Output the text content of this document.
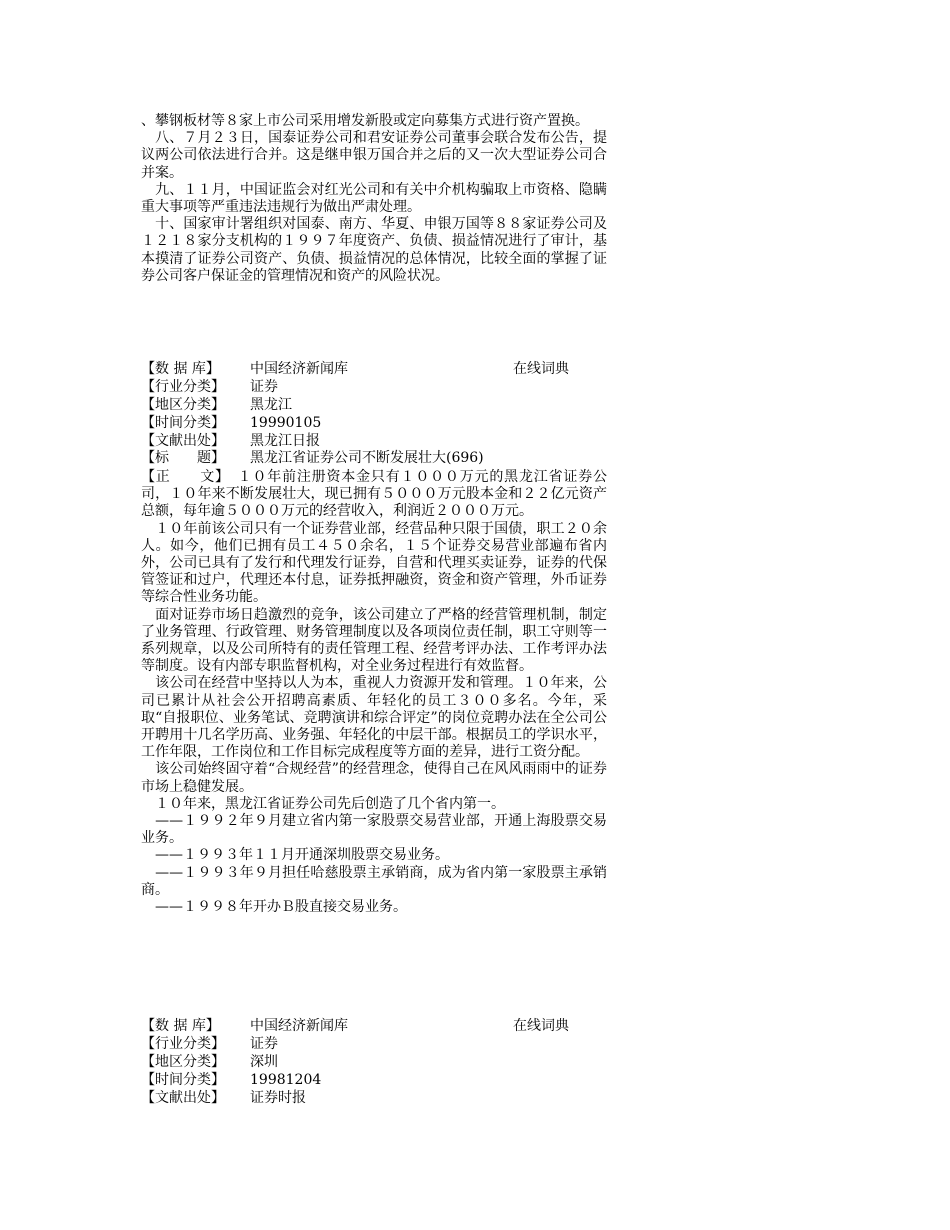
、攀钢板材等８家上市公司采用增发新股或定向募集方式进行资产置换。

　八、７月２３日，国泰证券公司和君安证券公司董事会联合发布公告，提议两公司依法进行合并。这是继申银万国合并之后的又一次大型证券公司合并案。

　九、１１月，中国证监会对红光公司和有关中介机构骗取上市资格、隐瞒重大事项等严重违法违规行为做出严肃处理。

　十、国家审计署组织对国泰、南方、华夏、申银万国等８８家证券公司及１２１８家分支机构的１９９７年度资产、负债、损益情况进行了审计，基本摸清了证券公司资产、负债、损益情况的总体情况，比较全面的掌握了证券公司客户保证金的管理情况和资产的风险状况。

【数 据 库】 中国经济新闻库	在线词典
【行业分类】 证券
【地区分类】 黑龙江
【时间分类】 19990105
【文献出处】 黑龙江日报
【标　　题】 黑龙江省证券公司不断发展壮大(696)

【正　　文】　１０年前注册资本金只有１０００万元的黑龙江省证券公司，１０年来不断发展壮大，现已拥有５０００万元股本金和２２亿元资产总额，每年逾５０００万元的经营收入，利润近２０００万元。

　１０年前该公司只有一个证券营业部，经营品种只限于国债，职工２０余人。如今，他们已拥有员工４５０余名，１５个证券交易营业部遍布省内外，公司已具有了发行和代理发行证券，自营和代理买卖证券，证券的代保管签证和过户，代理还本付息，证券抵押融资，资金和资产管理，外币证券等综合性业务功能。

　面对证券市场日趋激烈的竞争，该公司建立了严格的经营管理机制，制定了业务管理、行政管理、财务管理制度以及各项岗位责任制，职工守则等一系列规章，以及公司所特有的责任管理工程、经营考评办法、工作考评办法等制度。设有内部专职监督机构，对全业务过程进行有效监督。

　该公司在经营中坚持以人为本，重视人力资源开发和管理。１０年来，公司已累计从社会公开招聘高素质、年轻化的员工３００多名。今年，采取“自报职位、业务笔试、竞聘演讲和综合评定”的岗位竞聘办法在全公司公开聘用十几名学历高、业务强、年轻化的中层干部。根据员工的学识水平，工作年限，工作岗位和工作目标完成程度等方面的差异，进行工资分配。

　该公司始终固守着“合规经营”的经营理念，使得自己在风风雨雨中的证券市场上稳健发展。

　１０年来，黑龙江省证券公司先后创造了几个省内第一。

　——１９９２年９月建立省内第一家股票交易营业部，开通上海股票交易业务。

　——１９９３年１１月开通深圳股票交易业务。

　——１９９３年９月担任哈慈股票主承销商，成为省内第一家股票主承销商。

　——１９９８年开办Ｂ股直接交易业务。

【数 据 库】 中国经济新闻库	在线词典
【行业分类】 证券
【地区分类】 深圳
【时间分类】 19981204
【文献出处】 证券时报
